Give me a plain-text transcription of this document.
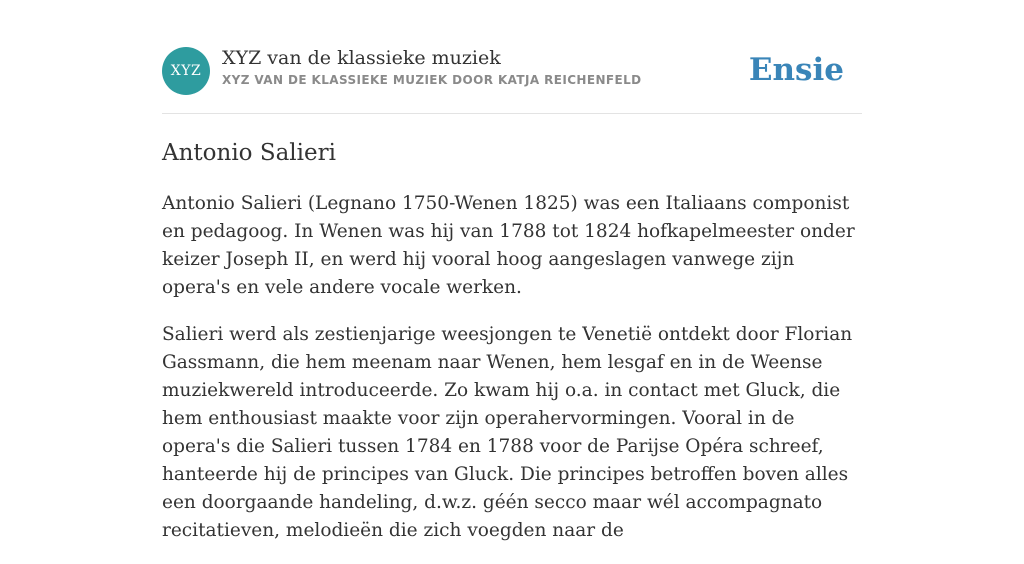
XYZ
XYZ van de klassieke muziek
XYZ VAN DE KLASSIEKE MUZIEK DOOR KATJA REICHENFELD	Ensie
Antonio Salieri

Antonio Salieri (Legnano 1750-Wenen 1825) was een Italiaans componist en pedagoog. In Wenen was hij van 1788 tot 1824 hofkapelmeester onder keizer Joseph II, en werd hij vooral hoog aangeslagen vanwege zijn opera's en vele andere vocale werken.

Salieri werd als zestienjarige weesjongen te Venetië ontdekt door Florian Gassmann, die hem meenam naar Wenen, hem lesgaf en in de Weense muziekwereld introduceerde. Zo kwam hij o.a. in contact met Gluck, die hem enthousiast maakte voor zijn operahervormingen. Vooral in de opera's die Salieri tussen 1784 en 1788 voor de Parijse Opéra schreef, hanteerde hij de principes van Gluck. Die principes betroffen boven alles een doorgaande handeling, d.w.z. géén secco maar wél accompagnato recitatieven, melodieën die zich voegden naar de
